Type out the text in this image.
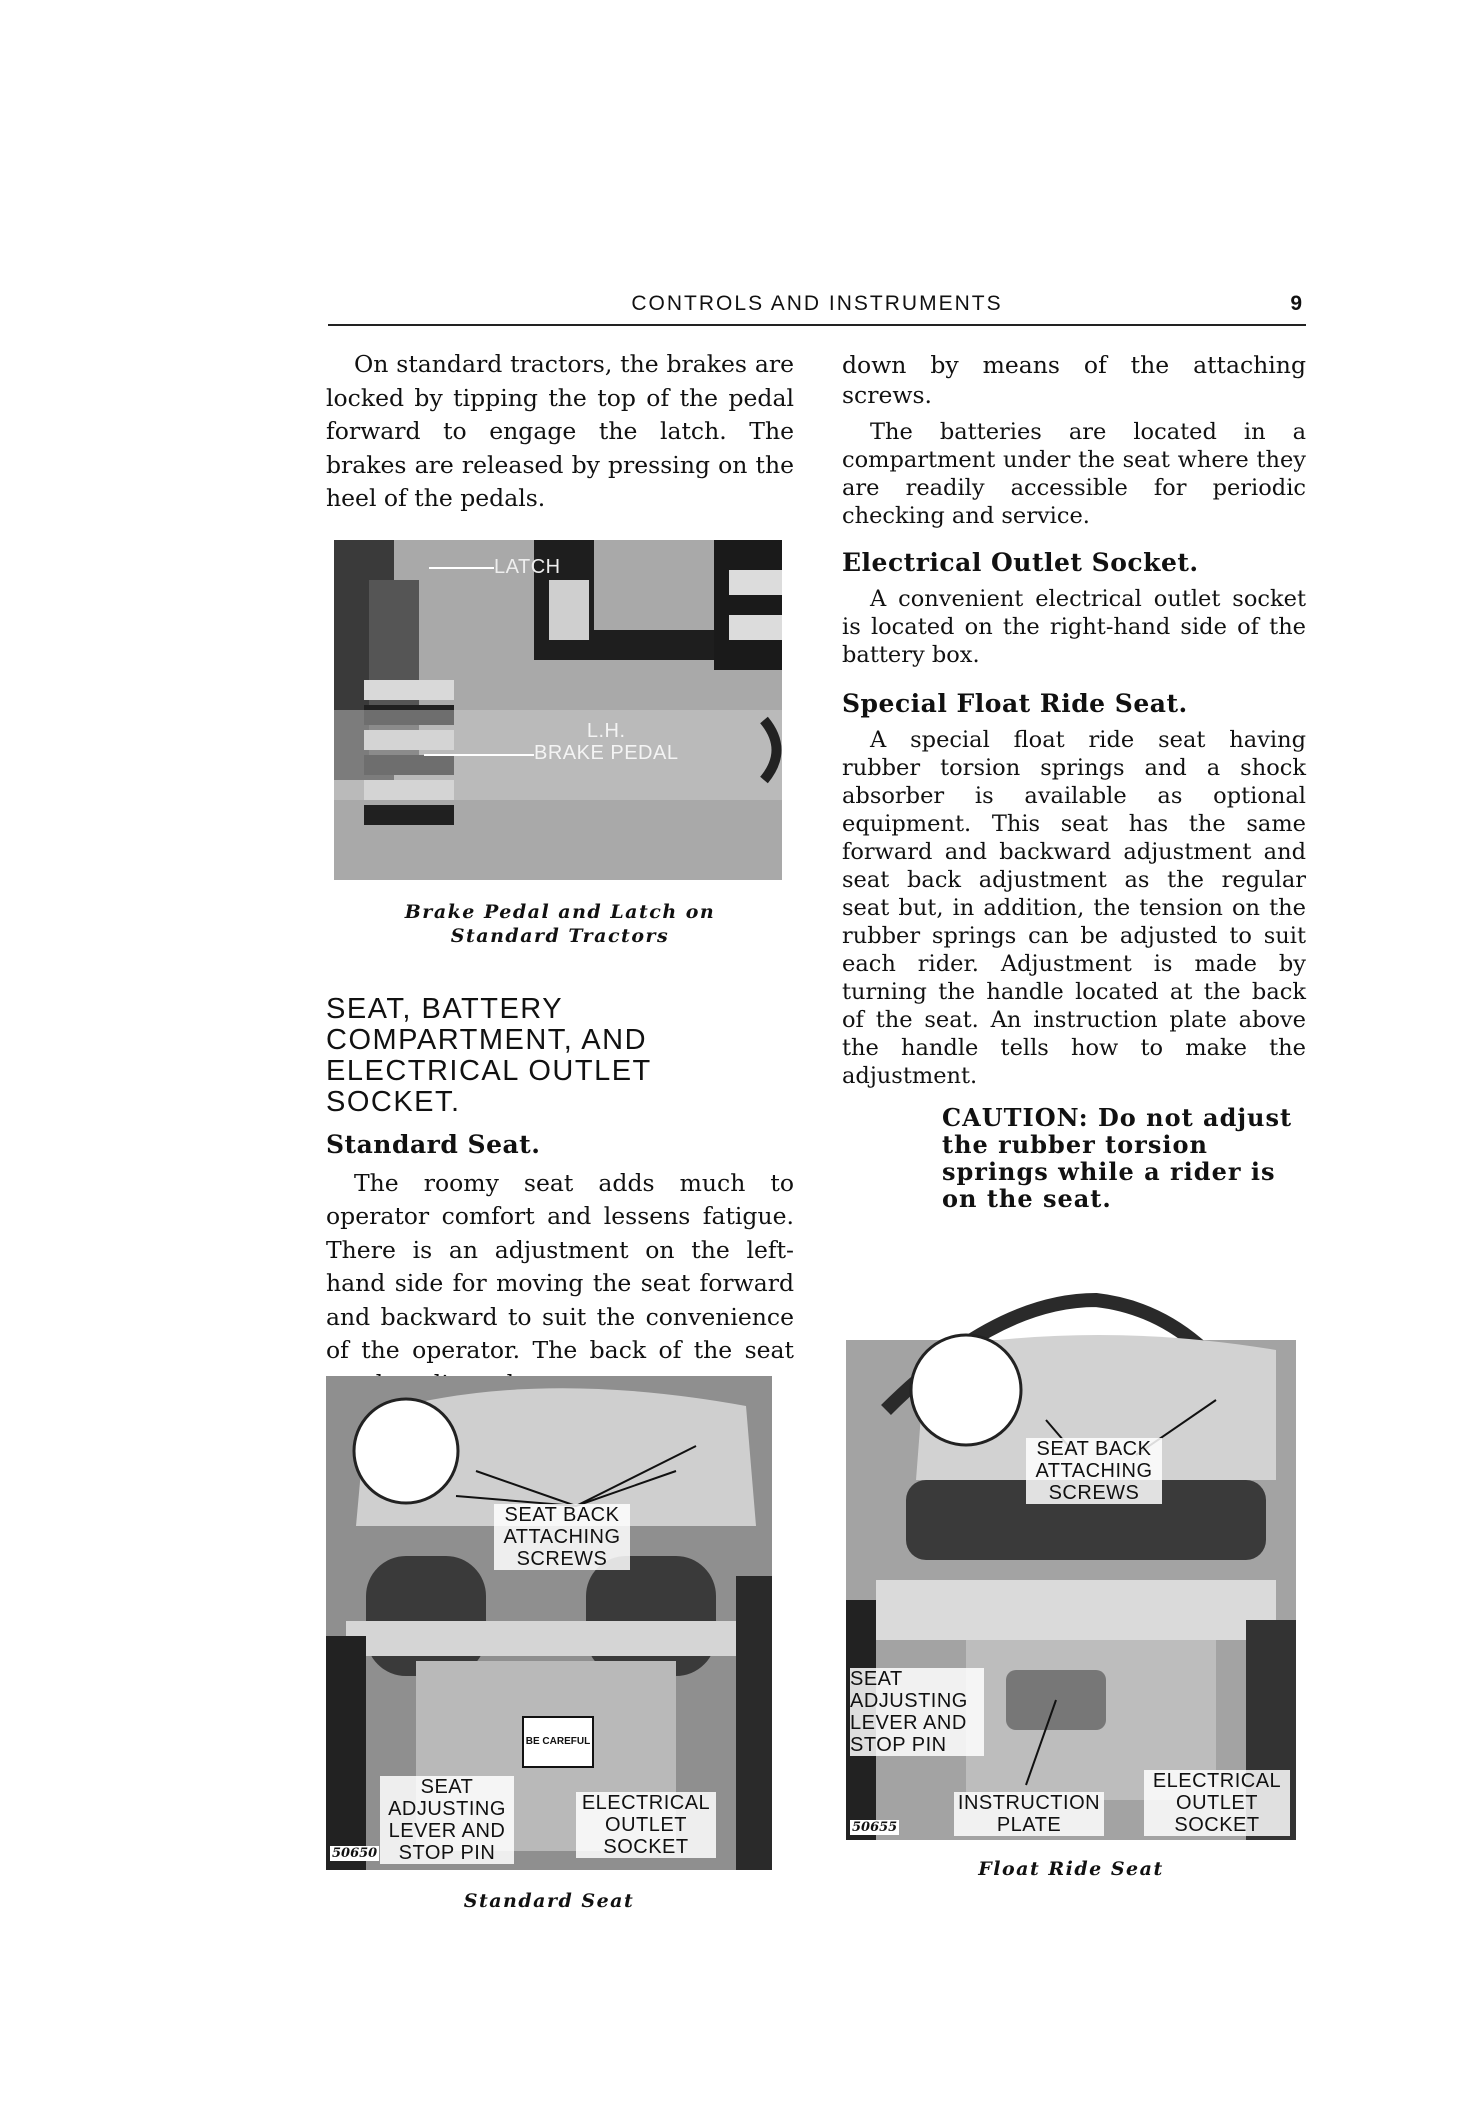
CONTROLS AND INSTRUMENTS	9

On standard tractors, the brakes are locked by tipping the top of the pedal forward to engage the latch. The brakes are released by pressing on the heel of the pedals.

LATCH
L.H.
BRAKE PEDAL
Brake Pedal and Latch on
Standard Tractors
SEAT, BATTERY COMPARTMENT, AND ELECTRICAL OUTLET SOCKET.
Standard Seat.

The roomy seat adds much to operator comfort and lessens fatigue. There is an adjustment on the left-hand side for moving the seat forward and backward to suit the convenience of the operator. The back of the seat

down by means of the attaching screws.

The batteries are located in a compartment under the seat where they are readily accessible for periodic checking and service.

Electrical Outlet Socket.

A convenient electrical outlet socket is located on the right-hand side of the battery box.

Special Float Ride Seat.

A special float ride seat having rubber torsion springs and a shock absorber is available as optional equipment. This seat has the same forward and backward adjustment and seat back adjustment as the regular seat but, in addition, the tension on the rubber springs can be adjusted to suit each rider. Adjustment is made by turning the handle located at the back of the seat. An instruction plate above the handle tells how to make the adjustment.

CAUTION: Do not adjust the rubber torsion springs while a rider is on the seat.
SEAT BACK
ATTACHING
SCREWS
BE CAREFUL
SEAT
ADJUSTING
LEVER AND
STOP PIN
ELECTRICAL
OUTLET
SOCKET
50650
Standard Seat
SEAT BACK
ATTACHING
SCREWS
SEAT
ADJUSTING
LEVER AND
STOP PIN
INSTRUCTION
PLATE
ELECTRICAL
OUTLET
SOCKET
50655
Float Ride Seat
